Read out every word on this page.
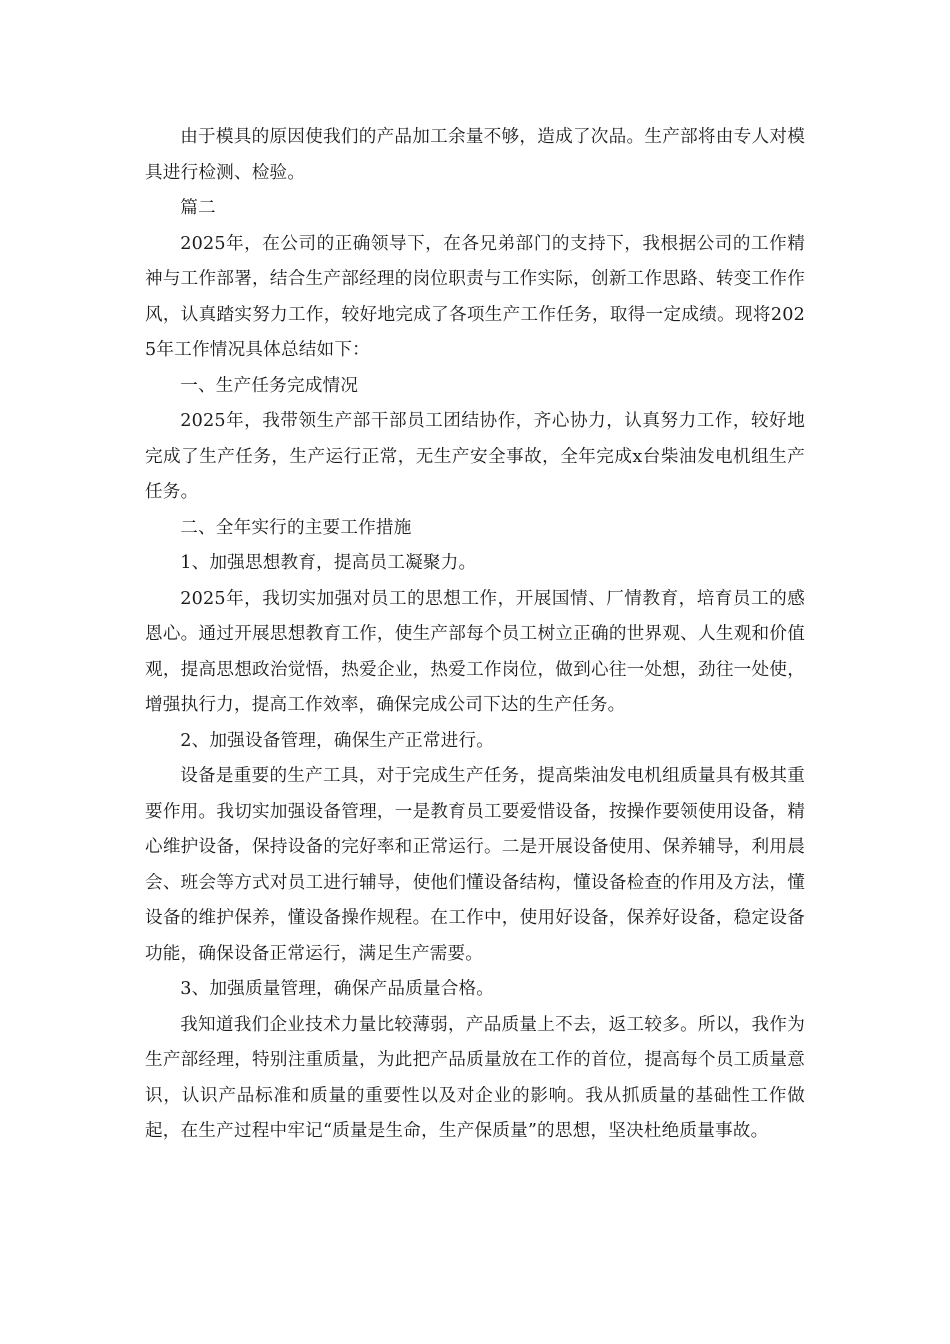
由于模具的原因使我们的产品加工余量不够，造成了次品。生产部将由专人对模具进行检测、检验。

篇二

2025年，在公司的正确领导下，在各兄弟部门的支持下，我根据公司的工作精神与工作部署，结合生产部经理的岗位职责与工作实际，创新工作思路、转变工作作风，认真踏实努力工作，较好地完成了各项生产工作任务，取得一定成绩。现将2025年工作情况具体总结如下：

一、生产任务完成情况

2025年，我带领生产部干部员工团结协作，齐心协力，认真努力工作，较好地完成了生产任务，生产运行正常，无生产安全事故，全年完成x台柴油发电机组生产任务。

二、全年实行的主要工作措施

1、加强思想教育，提高员工凝聚力。

2025年，我切实加强对员工的思想工作，开展国情、厂情教育，培育员工的感恩心。通过开展思想教育工作，使生产部每个员工树立正确的世界观、人生观和价值观，提高思想政治觉悟，热爱企业，热爱工作岗位，做到心往一处想，劲往一处使，增强执行力，提高工作效率，确保完成公司下达的生产任务。

2、加强设备管理，确保生产正常进行。

设备是重要的生产工具，对于完成生产任务，提高柴油发电机组质量具有极其重要作用。我切实加强设备管理，一是教育员工要爱惜设备，按操作要领使用设备，精心维护设备，保持设备的完好率和正常运行。二是开展设备使用、保养辅导，利用晨会、班会等方式对员工进行辅导，使他们懂设备结构，懂设备检查的作用及方法，懂设备的维护保养，懂设备操作规程。在工作中，使用好设备，保养好设备，稳定设备功能，确保设备正常运行，满足生产需要。

3、加强质量管理，确保产品质量合格。

我知道我们企业技术力量比较薄弱，产品质量上不去，返工较多。所以，我作为生产部经理，特别注重质量，为此把产品质量放在工作的首位，提高每个员工质量意识，认识产品标准和质量的重要性以及对企业的影响。我从抓质量的基础性工作做起，在生产过程中牢记“质量是生命，生产保质量”的思想，坚决杜绝质量事故。
